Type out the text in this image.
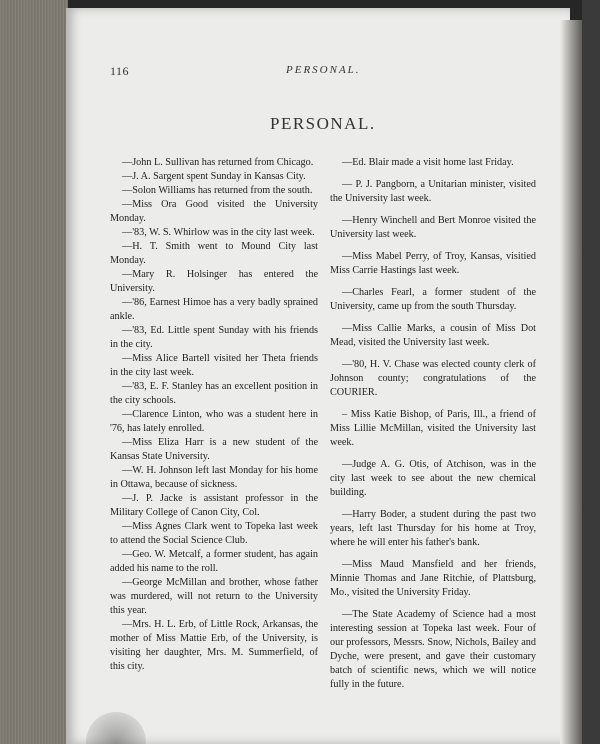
116	PERSONAL.
PERSONAL.

—John L. Sullivan has returned from Chicago.

—J. A. Sargent spent Sunday in Kansas City.

—Solon Williams has returned from the south.

—Miss Ora Good visited the University Monday.

—'83, W. S. Whirlow was in the city last week.

—H. T. Smith went to Mound City last Monday.

—Mary R. Holsinger has entered the University.

—'86, Earnest Himoe has a very badly sprained ankle.

—'83, Ed. Little spent Sunday with his friends in the city.

—Miss Alice Bartell visited her Theta friends in the city last week.

—'83, E. F. Stanley has an excellent position in the city schools.

—Clarence Linton, who was a student here in '76, has lately enrolled.

—Miss Eliza Harr is a new student of the Kansas State University.

—W. H. Johnson left last Monday for his home in Ottawa, because of sickness.

—J. P. Jacke is assistant professor in the Military College of Canon City, Col.

—Miss Agnes Clark went to Topeka last week to attend the Social Science Club.

—Geo. W. Metcalf, a former student, has again added his name to the roll.

—George McMillan and brother, whose father was murdered, will not return to the University this year.

—Mrs. H. L. Erb, of Little Rock, Arkansas, the mother of Miss Mattie Erb, of the University, is visiting her daughter, Mrs. M. Summerfield, of this city.

—Ed. Blair made a visit home last Friday.

— P. J. Pangborn, a Unitarian minister, visited the University last week.

—Henry Winchell and Bert Monroe visited the University last week.

—Miss Mabel Perry, of Troy, Kansas, visitied Miss Carrie Hastings last week.

—Charles Fearl, a former student of the University, came up from the south Thursday.

—Miss Callie Marks, a cousin of Miss Dot Mead, visited the University last week.

—'80, H. V. Chase was elected county clerk of Johnson county; congratulations of the COURIER.

– Miss Katie Bishop, of Paris, Ill., a friend of Miss Lillie McMillan, visited the University last week.

—Judge A. G. Otis, of Atchison, was in the city last week to see about the new chemical building.

—Harry Boder, a student during the past two years, left last Thursday for his home at Troy, where he will enter his father's bank.

—Miss Maud Mansfield and her friends, Minnie Thomas and Jane Ritchie, of Plattsburg, Mo., visited the University Friday.

—The State Academy of Science had a most interesting session at Topeka last week. Four of our professors, Messrs. Snow, Nichols, Bailey and Dyche, were present, and gave their customary batch of scientific news, which we will notice fully in the future.
